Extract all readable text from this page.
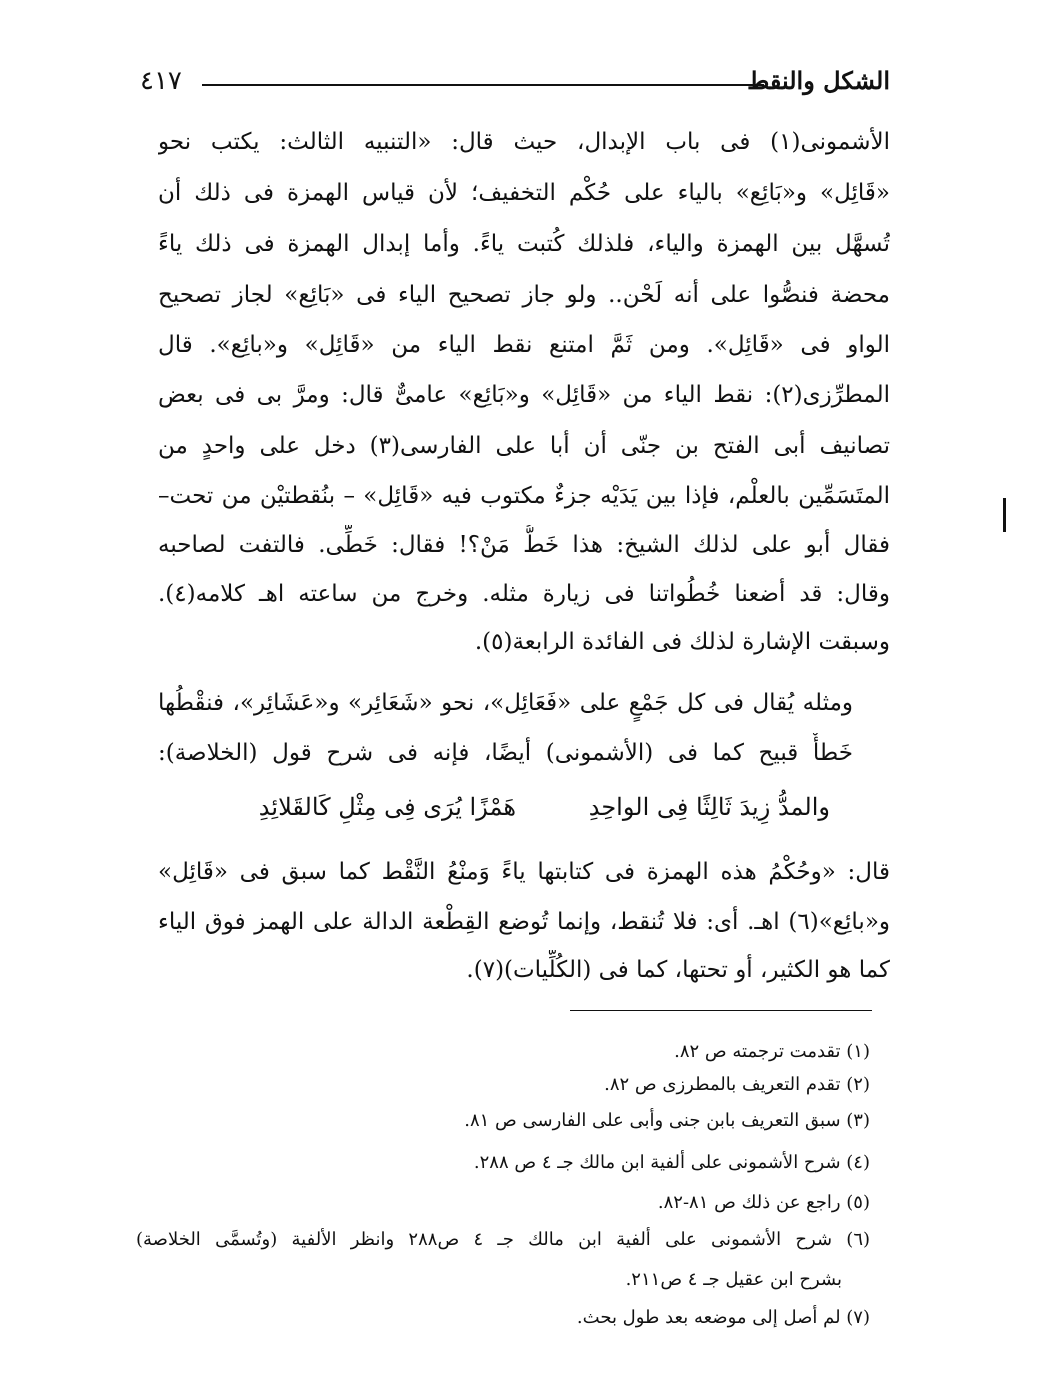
٤١٧	الشكل والنقط
الأشمونى(١) فى باب الإبدال، حيث قال: «التنبيه الثالث: يكتب نحو
«قَائِل» و«بَائِع» بالياء على حُكْم التخفيف؛ لأن قياس الهمزة فى ذلك أن
تُسهَّل بين الهمزة والياء، فلذلك كُتبت ياءً. وأما إبدال الهمزة فى ذلك ياءً
محضة فنصُّوا على أنه لَحْن.. ولو جاز تصحيح الياء فى «بَائِع» لجاز تصحيح
الواو فى «قَائِل». ومن ثَمَّ امتنع نقط الياء من «قَائِل» و«بائِع». قال
المطرِّزى(٢): نقط الياء من «قَائِل» و«بَائِع» عامىٌّ قال: ومرَّ بى فى بعض
تصانيف أبى الفتح بن جنّى أن أبا على الفارسى(٣) دخل على واحدٍ من
المتَسَمِّين بالعلْم، فإذا بين يَدَيْه جزءٌ مكتوب فيه «قَائِل» – بنُقطتيْن من تحت–
فقال أبو على لذلك الشيخ: هذا خَطُّ مَنْ؟! فقال: خَطِّى. فالتفت لصاحبه
وقال: قد أضعنا خُطُواتنا فى زيارة مثله. وخرج من ساعته اهـ كلامه(٤).
وسبقت الإشارة لذلك فى الفائدة الرابعة(٥).
ومثله يُقال فى كل جَمْعٍ على «فَعَائِل»، نحو «شَعَائِر» و«عَشَائِر»، فنقْطُها
خَطأٌ قبيح كما فى (الأشمونى) أيضًا، فإنه فى شرح قول (الخلاصة):
والمدُّ زِيدَ ثَالِثًا فِى الواحِدِ
هَمْزًا يُرَى فِى مِثْلِ كَالقَلائِدِ
قال: «وحُكْمُ هذه الهمزة فى كتابتها ياءً وَمنْعُ النَّقْط كما سبق فى «قَائِل»
و«بائِع»(٦) اهـ. أى: فلا تُنقط، وإنما تُوضع القِطْعة الدالة على الهمز فوق الياء
كما هو الكثير، أو تحتها، كما فى (الكُلِّيات)(٧).
(١) تقدمت ترجمته ص ٨٢.
(٢) تقدم التعريف بالمطرزى ص ٨٢.
(٣) سبق التعريف بابن جنى وأبى على الفارسى ص ٨١.
(٤) شرح الأشمونى على ألفية ابن مالك جـ ٤ ص ٢٨٨.
(٥) راجع عن ذلك ص ٨١-٨٢.
(٦) شرح الأشمونى على ألفية ابن مالك جـ ٤ ص٢٨٨ وانظر الألفية (وتُسمَّى الخلاصة)
بشرح ابن عقيل جـ ٤ ص٢١١.
(٧) لم أصل إلى موضعه بعد طول بحث.
